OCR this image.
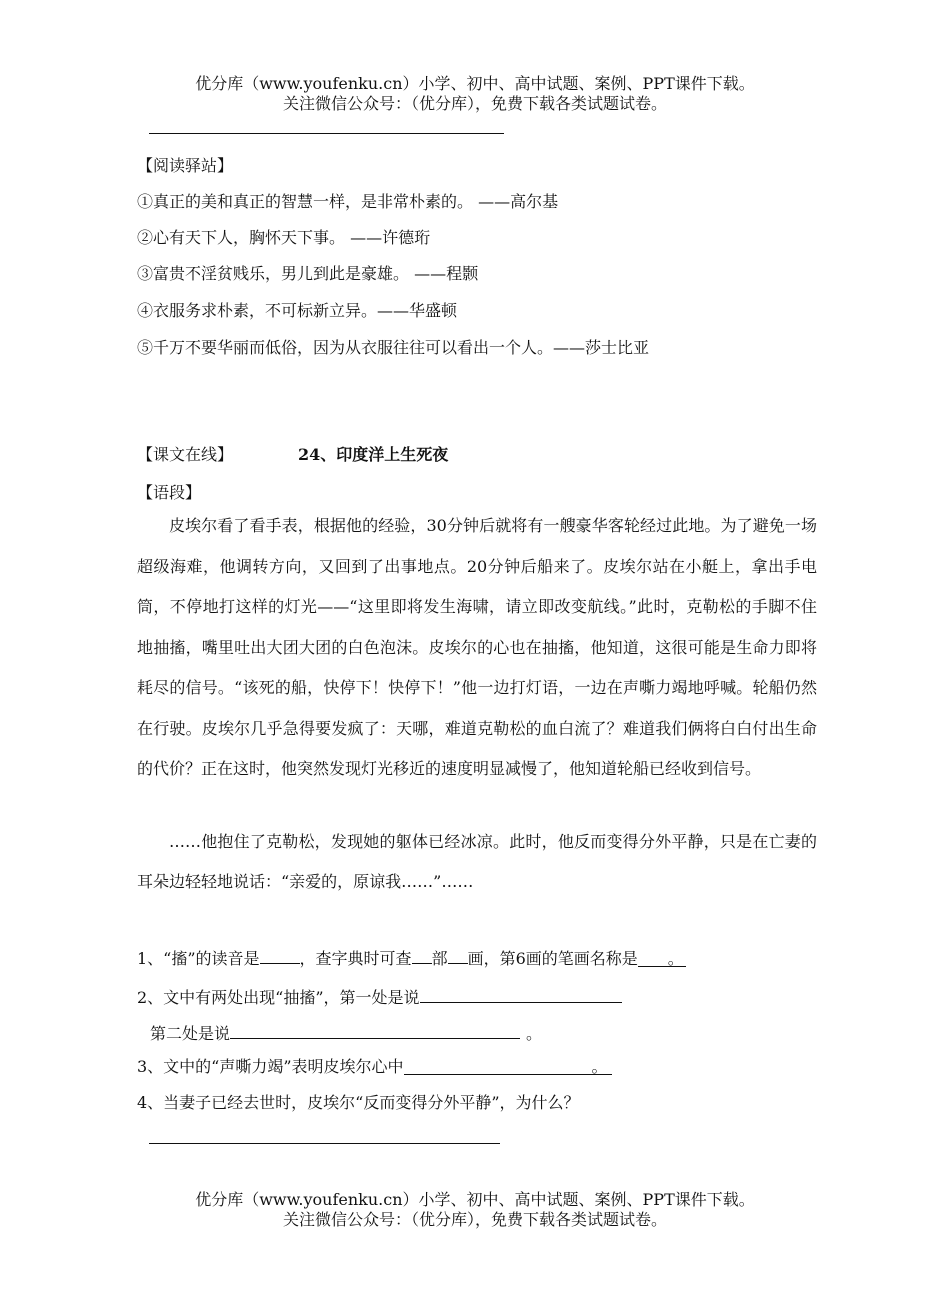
优分库（www.youfenku.cn）小学、初中、高中试题、案例、PPT课件下载。
关注微信公众号：（优分库），免费下载各类试题试卷。
【阅读驿站】
①真正的美和真正的智慧一样，是非常朴素的。 ——高尔基
②心有天下人，胸怀天下事。 ——许德珩
③富贵不淫贫贱乐，男儿到此是豪雄。 ——程颢
④衣服务求朴素，不可标新立异。——华盛顿
⑤千万不要华丽而低俗，因为从衣服往往可以看出一个人。——莎士比亚
【课文在线】	24、印度洋上生死夜
【语段】

皮埃尔看了看手表，根据他的经验，30分钟后就将有一艘豪华客轮经过此地。为了避免一场超级海难，他调转方向，又回到了出事地点。20分钟后船来了。皮埃尔站在小艇上，拿出手电筒，不停地打这样的灯光——“这里即将发生海啸，请立即改变航线。”此时，克勒松的手脚不住地抽搐，嘴里吐出大团大团的白色泡沫。皮埃尔的心也在抽搐，他知道，这很可能是生命力即将耗尽的信号。“该死的船，快停下！快停下！”他一边打灯语，一边在声嘶力竭地呼喊。轮船仍然在行驶。皮埃尔几乎急得要发疯了：天哪，难道克勒松的血白流了？难道我们俩将白白付出生命的代价？正在这时，他突然发现灯光移近的速度明显减慢了，他知道轮船已经收到信号。

……他抱住了克勒松，发现她的躯体已经冰凉。此时，他反而变得分外平静，只是在亡妻的耳朵边轻轻地说话：“亲爱的，原谅我……”……

1、“搐”的读音是	，查字典时可查 部 画，第6画的笔画名称是 。
2、文中有两处出现“抽搐”，第一处是说
第二处是说	。
3、文中的“声嘶力竭”表明皮埃尔心中	。
4、当妻子已经去世时，皮埃尔“反而变得分外平静”，为什么？
优分库（www.youfenku.cn）小学、初中、高中试题、案例、PPT课件下载。
关注微信公众号：（优分库），免费下载各类试题试卷。
